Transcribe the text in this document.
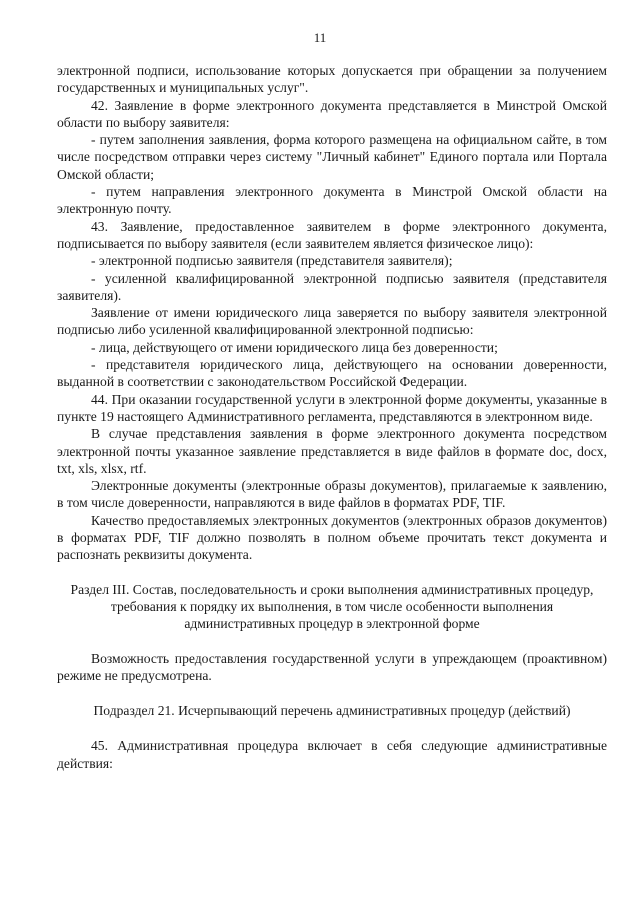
11

электронной подписи, использование которых допускается при обращении за получением государственных и муниципальных услуг".

42. Заявление в форме электронного документа представляется в Минстрой Омской области по выбору заявителя:

- путем заполнения заявления, форма которого размещена на официальном сайте, в том числе посредством отправки через систему "Личный кабинет" Единого портала или Портала Омской области;

- путем направления электронного документа в Минстрой Омской области на электронную почту.

43. Заявление, предоставленное заявителем в форме электронного документа, подписывается по выбору заявителя (если заявителем является физическое лицо):

- электронной подписью заявителя (представителя заявителя);

- усиленной квалифицированной электронной подписью заявителя (представителя заявителя).

Заявление от имени юридического лица заверяется по выбору заявителя электронной подписью либо усиленной квалифицированной электронной подписью:

- лица, действующего от имени юридического лица без доверенности;

- представителя юридического лица, действующего на основании доверенности, выданной в соответствии с законодательством Российской Федерации.

44. При оказании государственной услуги в электронной форме документы, указанные в пункте 19 настоящего Административного регламента, представляются в электронном виде.

В случае представления заявления в форме электронного документа посредством электронной почты указанное заявление представляется в виде файлов в формате doc, docx, txt, xls, xlsx, rtf.

Электронные документы (электронные образы документов), прилагаемые к заявлению, в том числе доверенности, направляются в виде файлов в форматах PDF, TIF.

Качество предоставляемых электронных документов (электронных образов документов) в форматах PDF, TIF должно позволять в полном объеме прочитать текст документа и распознать реквизиты документа.

Раздел III. Состав, последовательность и сроки выполнения административных процедур, требования к порядку их выполнения, в том числе особенности выполнения административных процедур в электронной форме

Возможность предоставления государственной услуги в упреждающем (проактивном) режиме не предусмотрена.

Подраздел 21. Исчерпывающий перечень административных процедур (действий)

45. Административная процедура включает в себя следующие административные действия:
